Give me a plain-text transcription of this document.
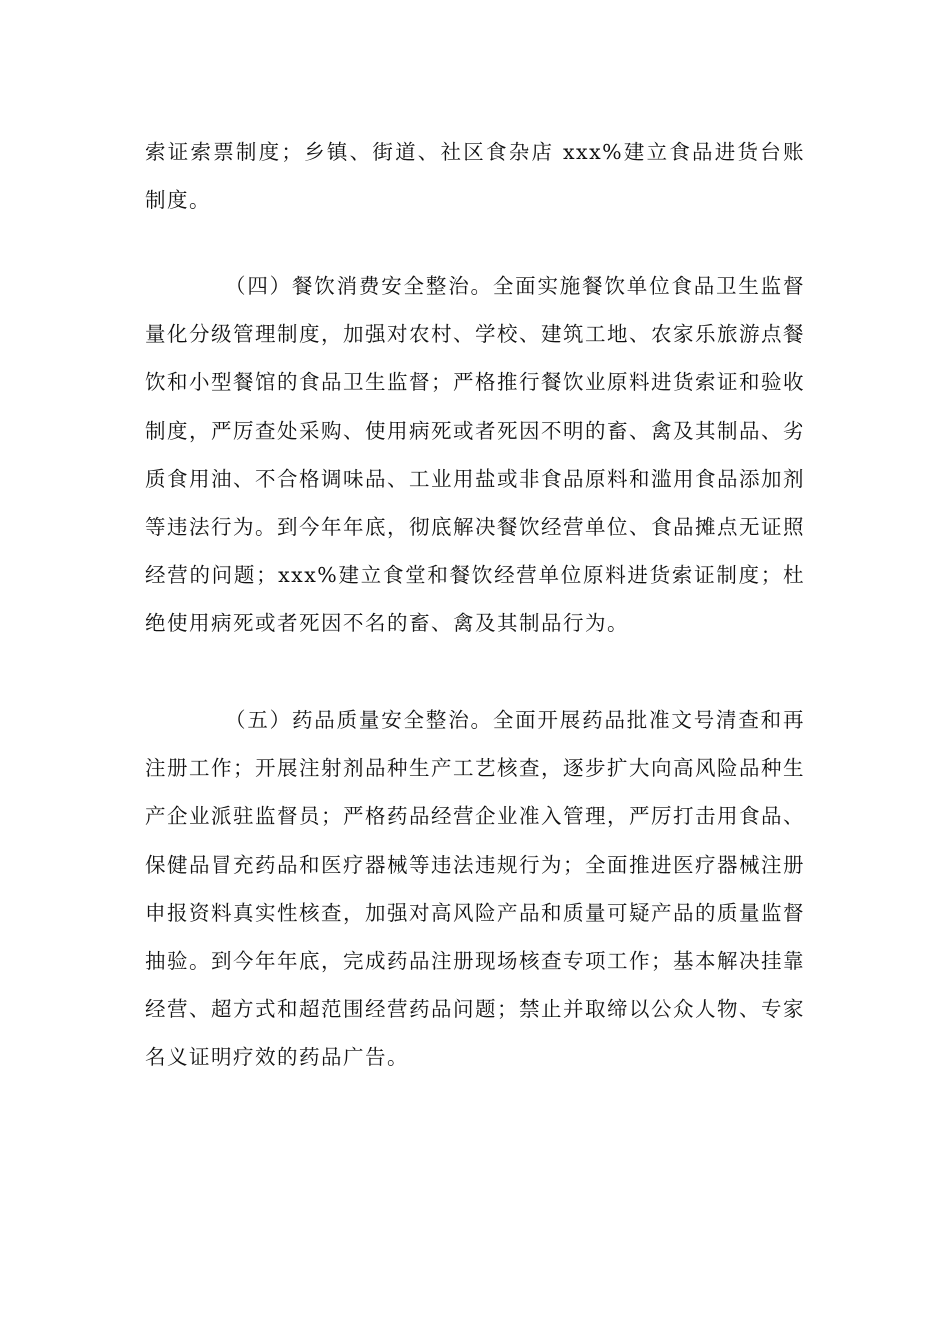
索证索票制度；乡镇、街道、社区食杂店 xxx%建立食品进货台账制度。

（四）餐饮消费安全整治。全面实施餐饮单位食品卫生监督量化分级管理制度，加强对农村、学校、建筑工地、农家乐旅游点餐饮和小型餐馆的食品卫生监督；严格推行餐饮业原料进货索证和验收制度，严厉查处采购、使用病死或者死因不明的畜、禽及其制品、劣质食用油、不合格调味品、工业用盐或非食品原料和滥用食品添加剂等违法行为。到今年年底，彻底解决餐饮经营单位、食品摊点无证照经营的问题；xxx%建立食堂和餐饮经营单位原料进货索证制度；杜绝使用病死或者死因不名的畜、禽及其制品行为。

（五）药品质量安全整治。全面开展药品批准文号清查和再注册工作；开展注射剂品种生产工艺核查，逐步扩大向高风险品种生产企业派驻监督员；严格药品经营企业准入管理，严厉打击用食品、保健品冒充药品和医疗器械等违法违规行为；全面推进医疗器械注册申报资料真实性核查，加强对高风险产品和质量可疑产品的质量监督抽验。到今年年底，完成药品注册现场核查专项工作；基本解决挂靠经营、超方式和超范围经营药品问题；禁止并取缔以公众人物、专家名义证明疗效的药品广告。
